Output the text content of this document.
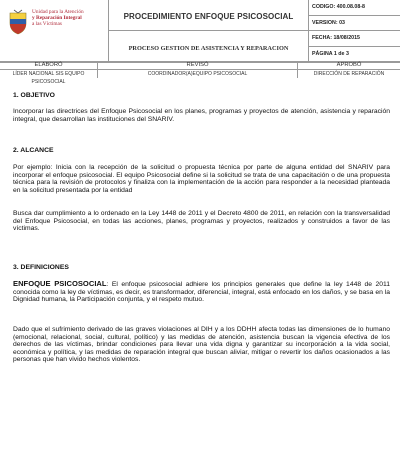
Unidad para la Atención
y Reparación Integral
a las Víctimas
PROCEDIMIENTO ENFOQUE PSICOSOCIAL
PROCESO GESTION DE ASISTENCIA Y REPARACION
CODIGO: 400.08.08-8
VERSION: 03
FECHA: 18/08/2015
PÁGINA 1 de 3
ELABORÓ
LÍDER NACIONAL SIS EQUIPO PSICOSOCIAL
REVISÓ
COORDINADOR(A)EQUIPO PSICOSOCIAL
APROBÓ
DIRECCIÓN DE REPARACIÓN
1. OBJETIVO

Incorporar las directrices del Enfoque Psicosocial en los planes, programas y proyectos de atención, asistencia y reparación integral, que desarrollan las instituciones del SNARIV.

2. ALCANCE

Por ejemplo: Inicia con la recepción de la solicitud o propuesta técnica por parte de alguna entidad del SNARIV para incorporar el enfoque psicosocial. El equipo Psicosocial define si la solicitud se trata de una capacitación o de una propuesta técnica para la revisión de protocolos y finaliza con la implementación de la acción para responder a la necesidad planteada en la solicitud presentada por la entidad

Busca dar cumplimiento a lo ordenado en la Ley 1448 de 2011 y el Decreto 4800 de 2011, en relación con la transversalidad del Enfoque Psicosocial, en todas las acciones, planes, programas y proyectos, realizados y construidos a favor de las víctimas.

3. DEFINICIONES

ENFOQUE PSICOSOCIAL: El enfoque psicosocial adhiere los principios generales que define la ley 1448 de 2011 conocida como la ley de víctimas, es decir, es transformador, diferencial, integral, está enfocado en los daños, y se basa en la Dignidad humana, la Participación conjunta, y el respeto mutuo.

Dado que el sufrimiento derivado de las graves violaciones al DIH y a los DDHH afecta todas las dimensiones de lo humano (emocional, relacional, social, cultural, político) y las medidas de atención, asistencia buscan la vigencia efectiva de los derechos de las víctimas, brindar condiciones para llevar una vida digna y garantizar su incorporación a la vida social, económica y política, y las medidas de reparación integral que buscan aliviar, mitigar o revertir los daños ocasionados a las personas que han vivido hechos violentos.
